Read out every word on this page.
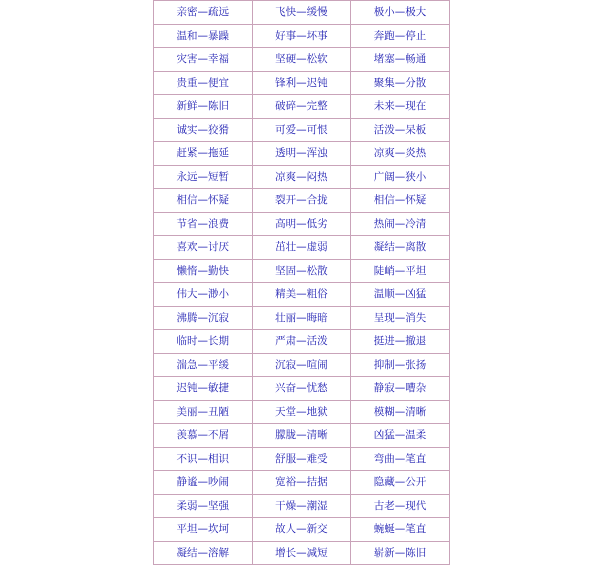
亲密—疏远	飞快—缓慢	极小—极大
温和—暴躁	好事—坏事	奔跑—停止
灾害—幸福	坚硬—松软	堵塞—畅通
贵重—便宜	锋利—迟钝	聚集—分散
新鲜—陈旧	破碎—完整	未来—现在
诚实—狡猾	可爱—可恨	活泼—呆板
赶紧—拖延	透明—浑浊	凉爽—炎热
永远—短暂	凉爽—闷热	广阔—狭小
相信—怀疑	裂开—合拢	相信—怀疑
节省—浪费	高明—低劣	热闹—冷清
喜欢—讨厌	茁壮—虚弱	凝结—离散
懒惰—勤快	坚固—松散	陡峭—平坦
伟大—渺小	精美—粗俗	温顺—凶猛
沸腾—沉寂	壮丽—晦暗	呈现—消失
临时—长期	严肃—活泼	挺进—撤退
湍急—平缓	沉寂—喧闹	抑制—张扬
迟钝—敏捷	兴奋—忧愁	静寂—嘈杂
美丽—丑陋	天堂—地狱	模糊—清晰
羡慕—不屑	朦胧—清晰	凶猛—温柔
不识—相识	舒服—难受	弯曲—笔直
静谧—吵闹	宽裕—拮据	隐藏—公开
柔弱—坚强	干燥—潮湿	古老—现代
平坦—坎坷	故人—新交	蜿蜒—笔直
凝结—溶解	增长—减短	崭新—陈旧
